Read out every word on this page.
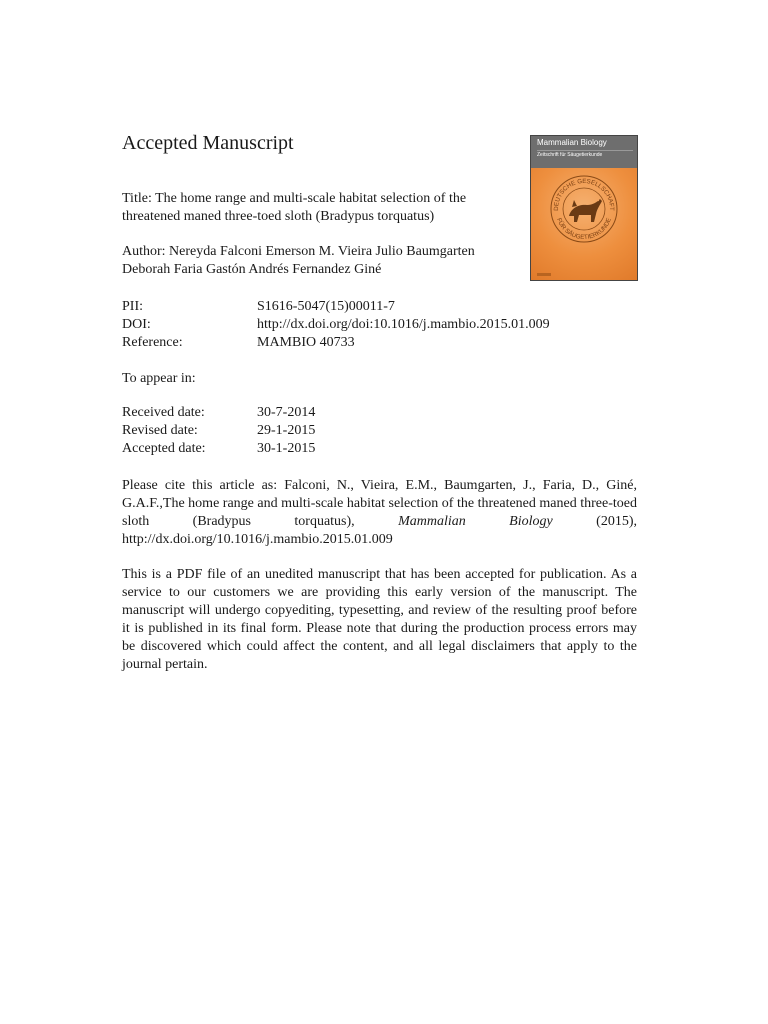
Accepted Manuscript	Mammalian Biology
Zeitschrift für Säugetierkunde
DEUTSCHE GESELLSCHAFT
FÜR SÄUGETIERKUNDE
Title: The home range and multi-scale habitat selection of the threatened maned three-toed sloth (Bradypus torquatus)
Author: Nereyda Falconi Emerson M. Vieira Julio Baumgarten Deborah Faria Gastón Andrés Fernandez Giné
PII:	S1616-5047(15)00011-7
DOI:	http://dx.doi.org/doi:10.1016/j.mambio.2015.01.009
Reference:	MAMBIO 40733
To appear in:
Received date:	30-7-2014
Revised date:	29-1-2015
Accepted date:	30-1-2015

Please cite this article as: Falconi, N., Vieira, E.M., Baumgarten, J., Faria, D., Giné, G.A.F.,The home range and multi-scale habitat selection of the threatened maned three-toed sloth (Bradypus torquatus), Mammalian Biology (2015), http://dx.doi.org/10.1016/j.mambio.2015.01.009

This is a PDF file of an unedited manuscript that has been accepted for publication. As a service to our customers we are providing this early version of the manuscript. The manuscript will undergo copyediting, typesetting, and review of the resulting proof before it is published in its final form. Please note that during the production process errors may be discovered which could affect the content, and all legal disclaimers that apply to the journal pertain.
